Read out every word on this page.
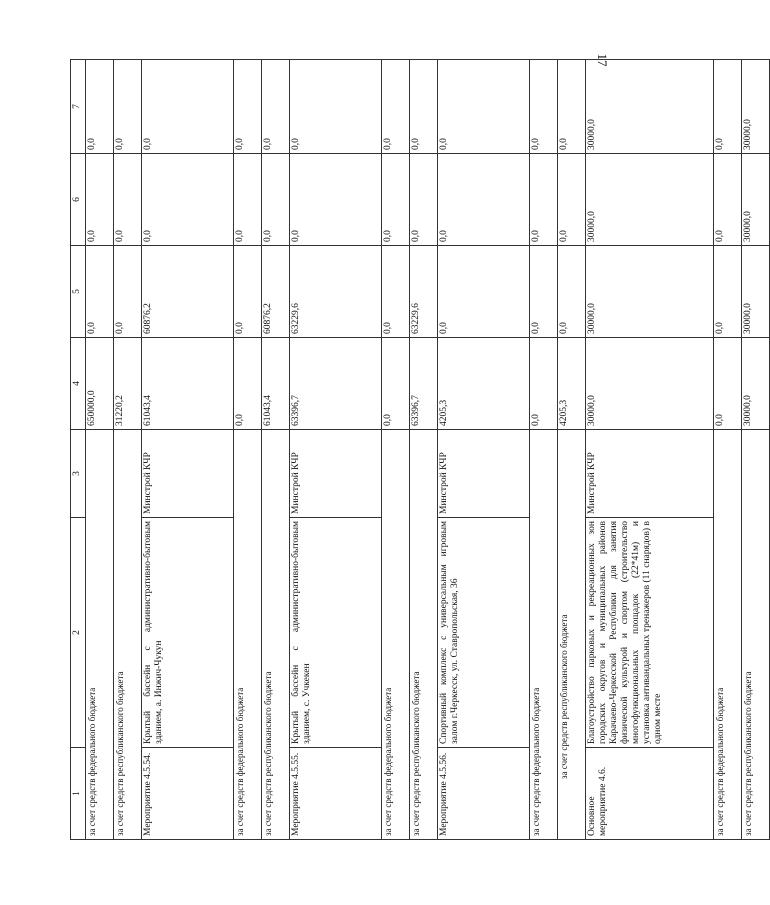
17
1	2	3	4	5	6	7
за счет средств федерального бюджета			650000,0	0,0	0,0	0,0
за счет средств республиканского бюджета			31220,2	0,0	0,0	0,0
Мероприятие 4.5.54.	Крытый бассейн с административно-бытовым зданием, а. Инжич-Чукун	Минстрой КЧР	61043,4	60876,2	0,0	0,0
за счет средств федерального бюджета			0,0	0,0	0,0	0,0
за счет средств республиканского бюджета			61043,4	60876,2	0,0	0,0
Мероприятие 4.5.55.	Крытый бассейн с административно-бытовым зданием, с. Учкекен	Минстрой КЧР	63396,7	63229,6	0,0	0,0
за счет средств федерального бюджета			0,0	0,0	0,0	0,0
за счет средств республиканского бюджета			63396,7	63229,6	0,0	0,0
Мероприятие 4.5.56.	Спортивный комплекс с универсальным игровым залом г.Черкесск, ул. Ставропольская, 36	Минстрой КЧР	4205,3	0,0	0,0	0,0
за счет средств федерального бюджета			0,0	0,0	0,0	0,0
за счет средств республиканского бюджета			4205,3	0,0	0,0	0,0
Основное мероприятие 4.6.	Благоустройство парковых и рекреационных зон городских округов и муниципальных районов Карачаево-Черкесской Республики для занятия физической культурой и спортом (строительство многофункциональных площадок (22*41м) и установка антивандальных тренажеров (11 снарядов) в одном месте	Минстрой КЧР	30000,0	30000,0	30000,0	30000,0
за счет средств федерального бюджета			0,0	0,0	0,0	0,0
за счет средств республиканского бюджета			30000,0	30000,0	30000,0	30000,0
